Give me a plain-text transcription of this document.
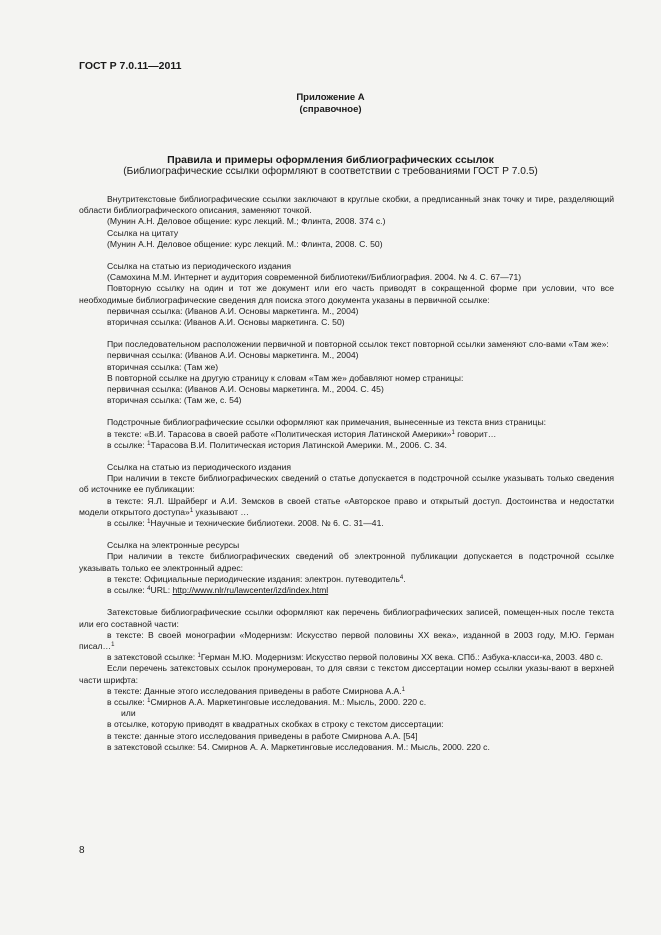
ГОСТ Р 7.0.11—2011
Приложение А
(справочное)
Правила и примеры оформления библиографических ссылок
(Библиографические ссылки оформляют в соответствии с требованиями ГОСТ Р 7.0.5)

Внутритекстовые библиографические ссылки заключают в круглые скобки, а предписанный знак точку и тире, разделяющий области библиографического описания, заменяют точкой.

(Мунин А.Н. Деловое общение: курс лекций. М.; Флинта, 2008. 374 с.)

Ссылка на цитату

(Мунин А.Н. Деловое общение: курс лекций. М.: Флинта, 2008. С. 50)

Ссылка на статью из периодического издания

(Самохина М.М. Интернет и аудитория современной библиотеки//Библиография. 2004. № 4. С. 67—71)

Повторную ссылку на один и тот же документ или его часть приводят в сокращенной форме при условии, что все необходимые библиографические сведения для поиска этого документа указаны в первичной ссылке:

первичная ссылка: (Иванов А.И. Основы маркетинга. М., 2004)

вторичная ссылка: (Иванов А.И. Основы маркетинга. С. 50)

При последовательном расположении первичной и повторной ссылок текст повторной ссылки заменяют сло-вами «Там же»:

первичная ссылка: (Иванов А.И. Основы маркетинга. М., 2004)

вторичная ссылка: (Там же)

В повторной ссылке на другую страницу к словам «Там же» добавляют номер страницы:

первичная ссылка: (Иванов А.И. Основы маркетинга. М., 2004. С. 45)

вторичная ссылка: (Там же, с. 54)

Подстрочные библиографические ссылки оформляют как примечания, вынесенные из текста вниз страницы:

в тексте: «В.И. Тарасова в своей работе «Политическая история Латинской Америки»$^1$ говорит…

в ссылке: $^1$Тарасова В.И. Политическая история Латинской Америки. М., 2006. С. 34.

Ссылка на статью из периодического издания

При наличии в тексте библиографических сведений о статье допускается в подстрочной ссылке указывать только сведения об источнике ее публикации:

в тексте: Я.Л. Шрайберг и А.И. Земсков в своей статье «Авторское право и открытый доступ. Достоинства и недостатки модели открытого доступа»$^1$ указывают …

в ссылке: $^1$Научные и технические библиотеки. 2008. № 6. С. 31—41.

Ссылка на электронные ресурсы

При наличии в тексте библиографических сведений об электронной публикации допускается в подстрочной ссылке указывать только ее электронный адрес:

в тексте: Официальные периодические издания: электрон. путеводитель$^4$.

в ссылке: $^4$URL: http://www.nlr/ru/lawcenter/izd/index.html

Затекстовые библиографические ссылки оформляют как перечень библиографических записей, помещен-ных после текста или его составной части:

в тексте: В своей монографии «Модернизм: Искусство первой половины XX века», изданной в 2003 году, М.Ю. Герман писал…$^1$

в затекстовой ссылке: $^1$Герман М.Ю. Модернизм: Искусство первой половины XX века. СПб.: Азбука-класси-ка, 2003. 480 с.

Если перечень затекстовых ссылок пронумерован, то для связи с текстом диссертации номер ссылки указы-вают в верхней части шрифта:

в тексте: Данные этого исследования приведены в работе Смирнова А.А.$^1$

в ссылке: $^1$Смирнов А.А. Маркетинговые исследования. М.: Мысль, 2000. 220 с.

или

в отсылке, которую приводят в квадратных скобках в строку с текстом диссертации:

в тексте: данные этого исследования приведены в работе Смирнова А.А. [54]

в затекстовой ссылке: 54. Смирнов А. А. Маркетинговые исследования. М.: Мысль, 2000. 220 с.

8
